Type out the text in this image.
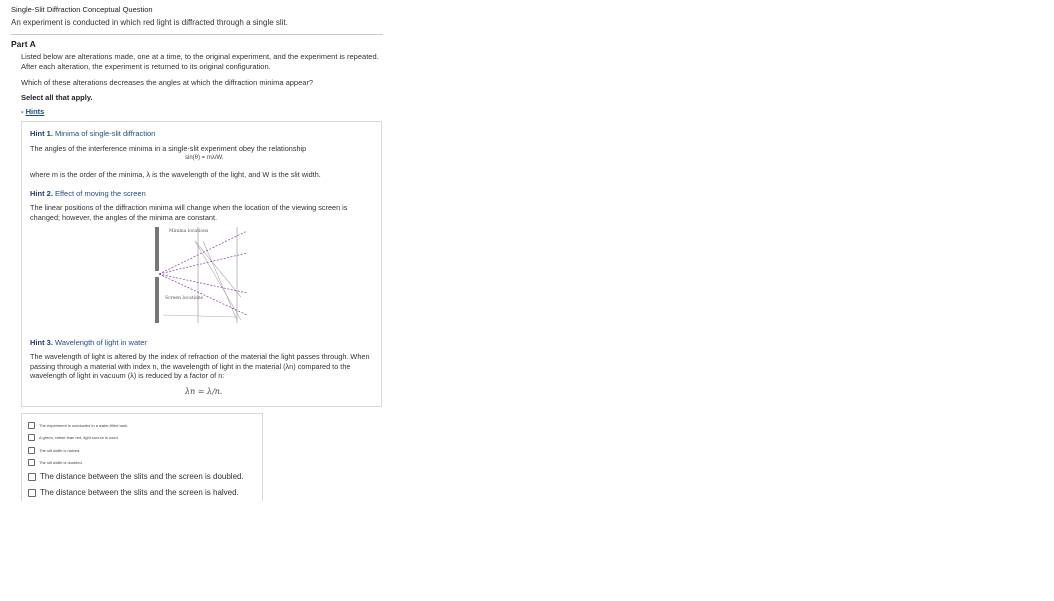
Single-Slit Diffraction Conceptual Question
An experiment is conducted in which red light is diffracted through a single slit.
Part A
Listed below are alterations made, one at a time, to the original experiment, and the experiment is repeated. After each alteration, the experiment is returned to its original configuration.
Which of these alterations decreases the angles at which the diffraction minima appear?
Select all that apply.
- Hints
Hint 1. Minima of single-slit diffraction
The angles of the interference minima in a single-slit experiment obey the relationship
sin(θ) = mλ/W.
where m is the order of the minima, λ is the wavelength of the light, and W is the slit width.
Hint 2. Effect of moving the screen
The linear positions of the diffraction minima will change when the location of the viewing screen is changed; however, the angles of the minima are constant.
Minima locations
Screen locations
Hint 3. Wavelength of light in water
The wavelength of light is altered by the index of refraction of the material the light passes through. When passing through a material with index n, the wavelength of light in the material (λn) compared to the wavelength of light in vacuum (λ) is reduced by a factor of n:
λn = λ/n.
The experiment is conducted in a water-filled tank.
A green, rather than red, light source is used.
The slit width is halved.
The slit width is doubled.
The distance between the slits and the screen is doubled.
The distance between the slits and the screen is halved.
